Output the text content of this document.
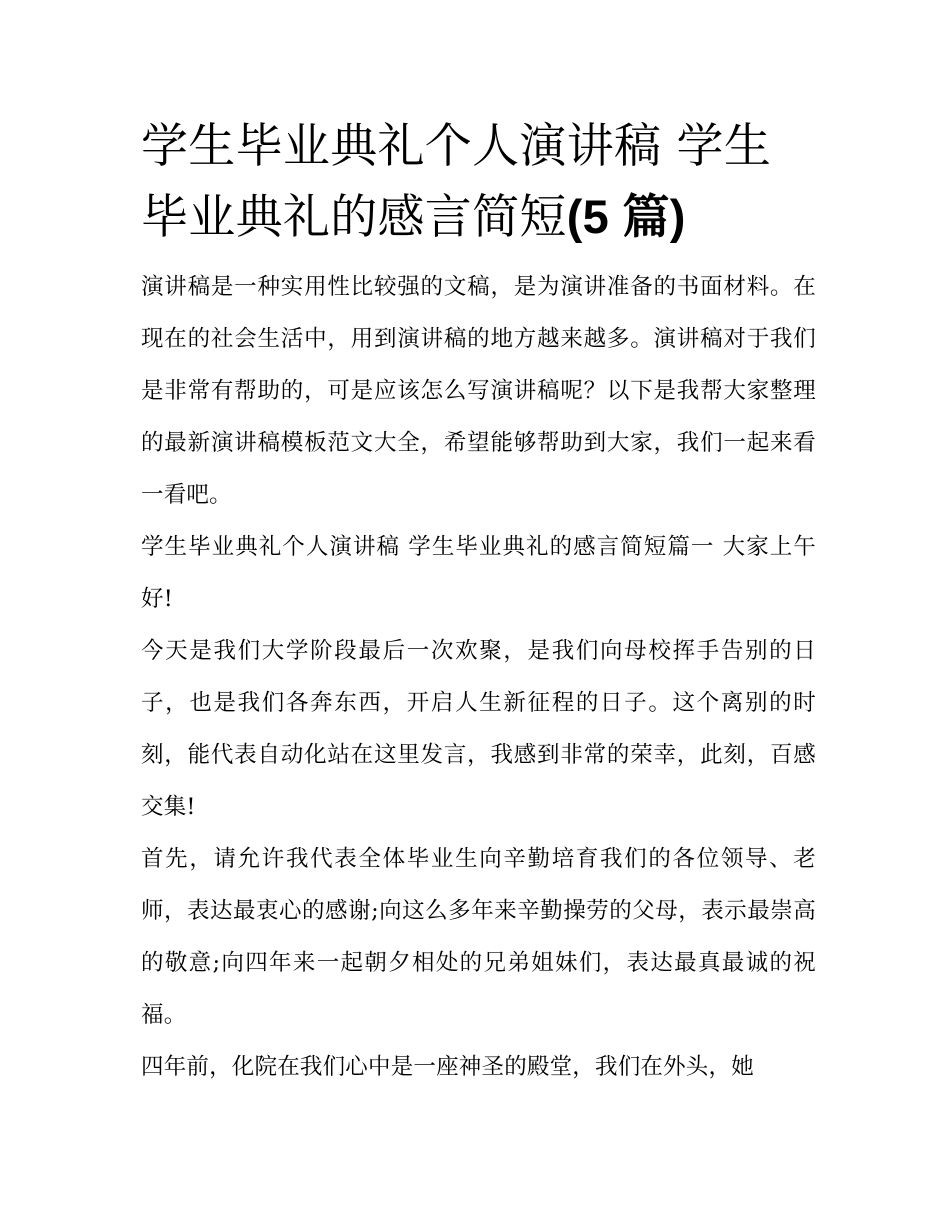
学生毕业典礼个人演讲稿 学生毕业典礼的感言简短(5 篇)

演讲稿是一种实用性比较强的文稿，是为演讲准备的书面材料。在现在的社会生活中，用到演讲稿的地方越来越多。演讲稿对于我们是非常有帮助的，可是应该怎么写演讲稿呢？以下是我帮大家整理的最新演讲稿模板范文大全，希望能够帮助到大家，我们一起来看一看吧。

学生毕业典礼个人演讲稿 学生毕业典礼的感言简短篇一 大家上午好!

今天是我们大学阶段最后一次欢聚，是我们向母校挥手告别的日子，也是我们各奔东西，开启人生新征程的日子。这个离别的时刻，能代表自动化站在这里发言，我感到非常的荣幸，此刻，百感交集!

首先，请允许我代表全体毕业生向辛勤培育我们的各位领导、老师，表达最衷心的感谢;向这么多年来辛勤操劳的父母，表示最崇高的敬意;向四年来一起朝夕相处的兄弟姐妹们，表达最真最诚的祝福。

四年前，化院在我们心中是一座神圣的殿堂，我们在外头，她
